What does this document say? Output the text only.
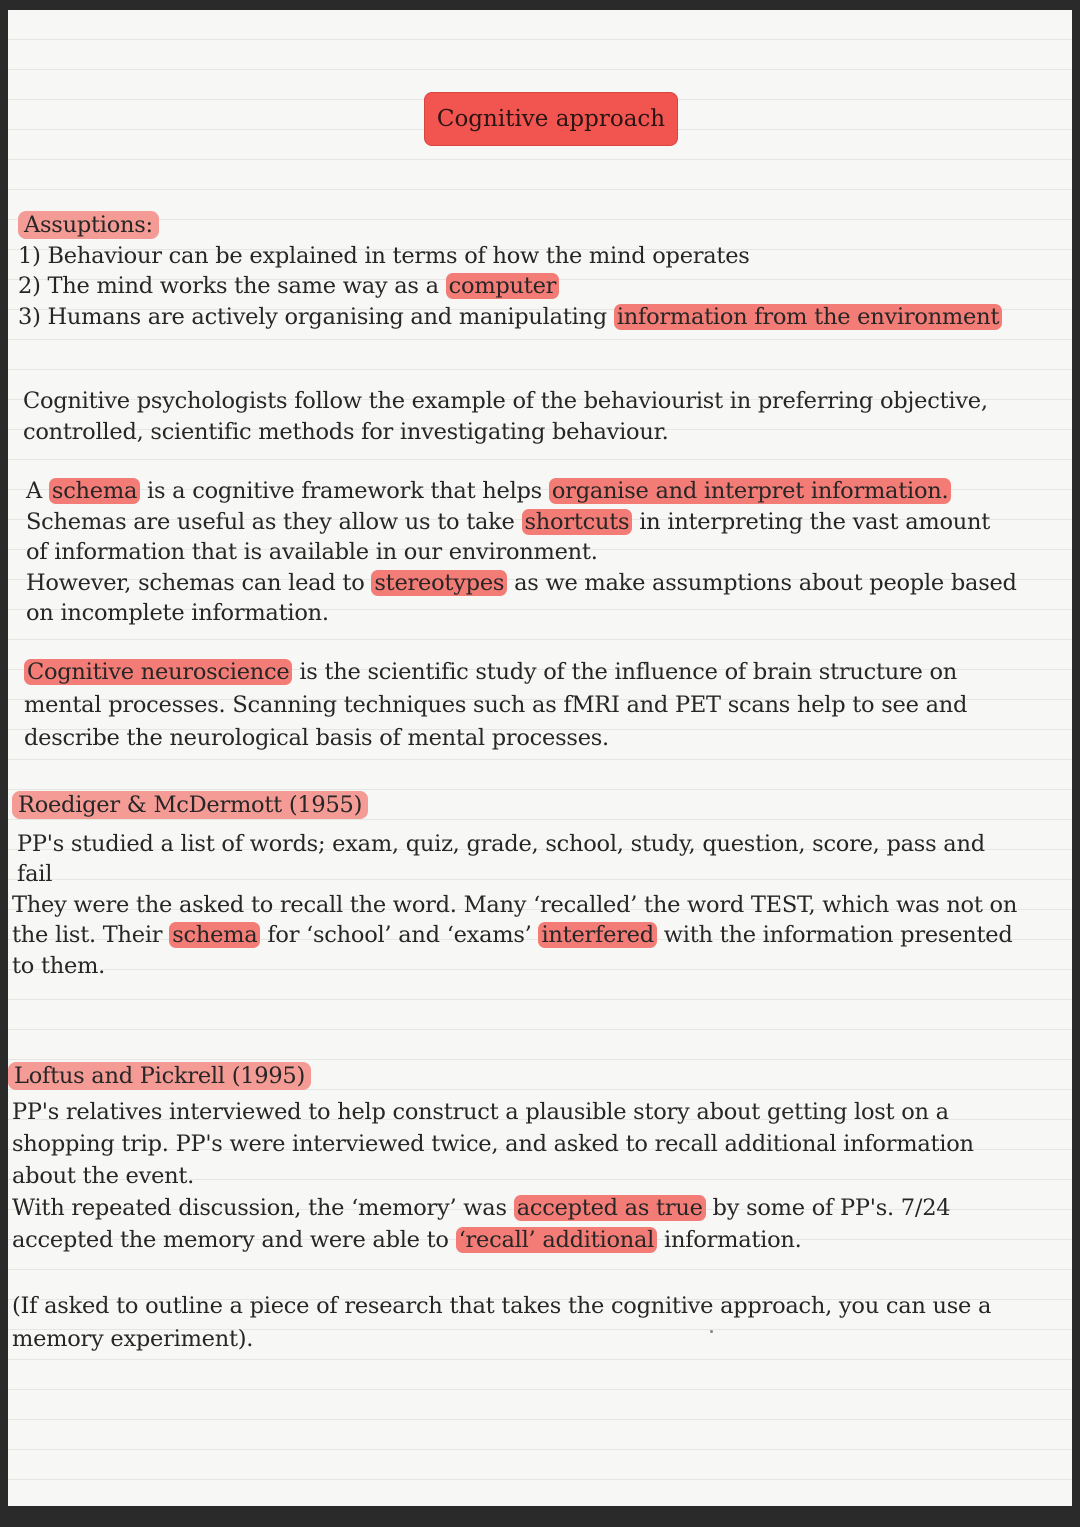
Cognitive approach
Assuptions:
1) Behaviour can be explained in terms of how the mind operates
2) The mind works the same way as a computer
3) Humans are actively organising and manipulating information from the environment
Cognitive psychologists follow the example of the behaviourist in preferring objective,
controlled, scientific methods for investigating behaviour.
A schema is a cognitive framework that helps organise and interpret information.
Schemas are useful as they allow us to take shortcuts in interpreting the vast amount
of information that is available in our environment.
However, schemas can lead to stereotypes as we make assumptions about people based
on incomplete information.
Cognitive neuroscience is the scientific study of the influence of brain structure on
mental processes. Scanning techniques such as fMRI and PET scans help to see and
describe the neurological basis of mental processes.
Roediger & McDermott (1955)
PP's studied a list of words; exam, quiz, grade, school, study, question, score, pass and
fail
They were the asked to recall the word. Many ‘recalled’ the word TEST, which was not on
the list. Their schema for ‘school’ and ‘exams’ interfered with the information presented
to them.
Loftus and Pickrell (1995)
PP's relatives interviewed to help construct a plausible story about getting lost on a
shopping trip. PP's were interviewed twice, and asked to recall additional information
about the event.
With repeated discussion, the ‘memory’ was accepted as true by some of PP's. 7/24
accepted the memory and were able to ‘recall’ additional information.
(If asked to outline a piece of research that takes the cognitive approach, you can use a
memory experiment).
